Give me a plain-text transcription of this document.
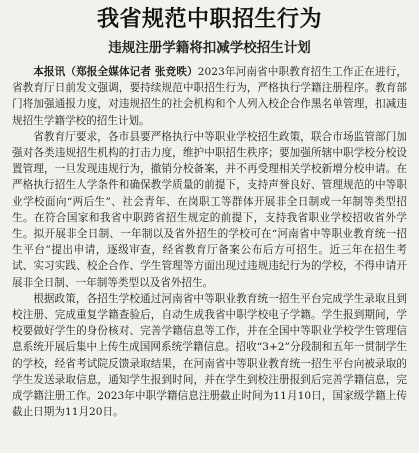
我省规范中职招生行为
违规注册学籍将扣减学校招生计划

本报讯（郑报全媒体记者 张竞昳）2023年河南省中职教育招生工作正在进行，省教育厅日前发文强调，要持续规范中职招生行为，严格执行学籍注册程序。教育部门将加强通报力度，对违规招生的社会机构和个人列入校企合作黑名单管理，扣减违规招生学籍学校的招生计划。

省教育厅要求，各市县要严格执行中等职业学校招生政策，联合市场监管部门加强对各类违规招生机构的打击力度，维护中职招生秩序；要加强所辖中职学校分校设置管理，一旦发现违规行为，撤销分校备案，并不再受理相关学校新增分校申请。在严格执行招生人学条件和确保教学质量的前提下，支持声誉良好、管理规范的中等职业学校面向“两后生”、社会青年、在岗职工等群体开展非全日制或一年制等类型招生。在符合国家和我省中职跨省招生规定的前提下，支持我省职业学校招收省外学生。拟开展非全日制、一年制以及省外招生的学校可在“河南省中等职业教育统一招生平台”提出申请，逐级审查，经省教育厅备案公布后方可招生。近三年在招生考试、实习实践、校企合作、学生管理等方面出现过违规违纪行为的学校，不得申请开展非全日制、一年制等类型以及省外招生。

根据政策，各招生学校通过河南省中等职业教育统一招生平台完成学生录取且到校注册、完成重复学籍查验后，自动生成我省中职学校电子学籍。学生报到期间，学校要做好学生的身份核对、完善学籍信息等工作，并在全国中等职业学校学生管理信息系统开展后集中上传生成国网系统学籍信息。招收“3+2”分段制和五年一贯制学生的学校，经省考试院反馈录取结果，在河南省中等职业教育统一招生平台向被录取的学生发送录取信息，通知学生报到时间，并在学生到校注册报到后完善学籍信息，完成学籍注册工作。2023年中职学籍信息注册截止时间为11月10日，国家级学籍上传截止日期为11月20日。
